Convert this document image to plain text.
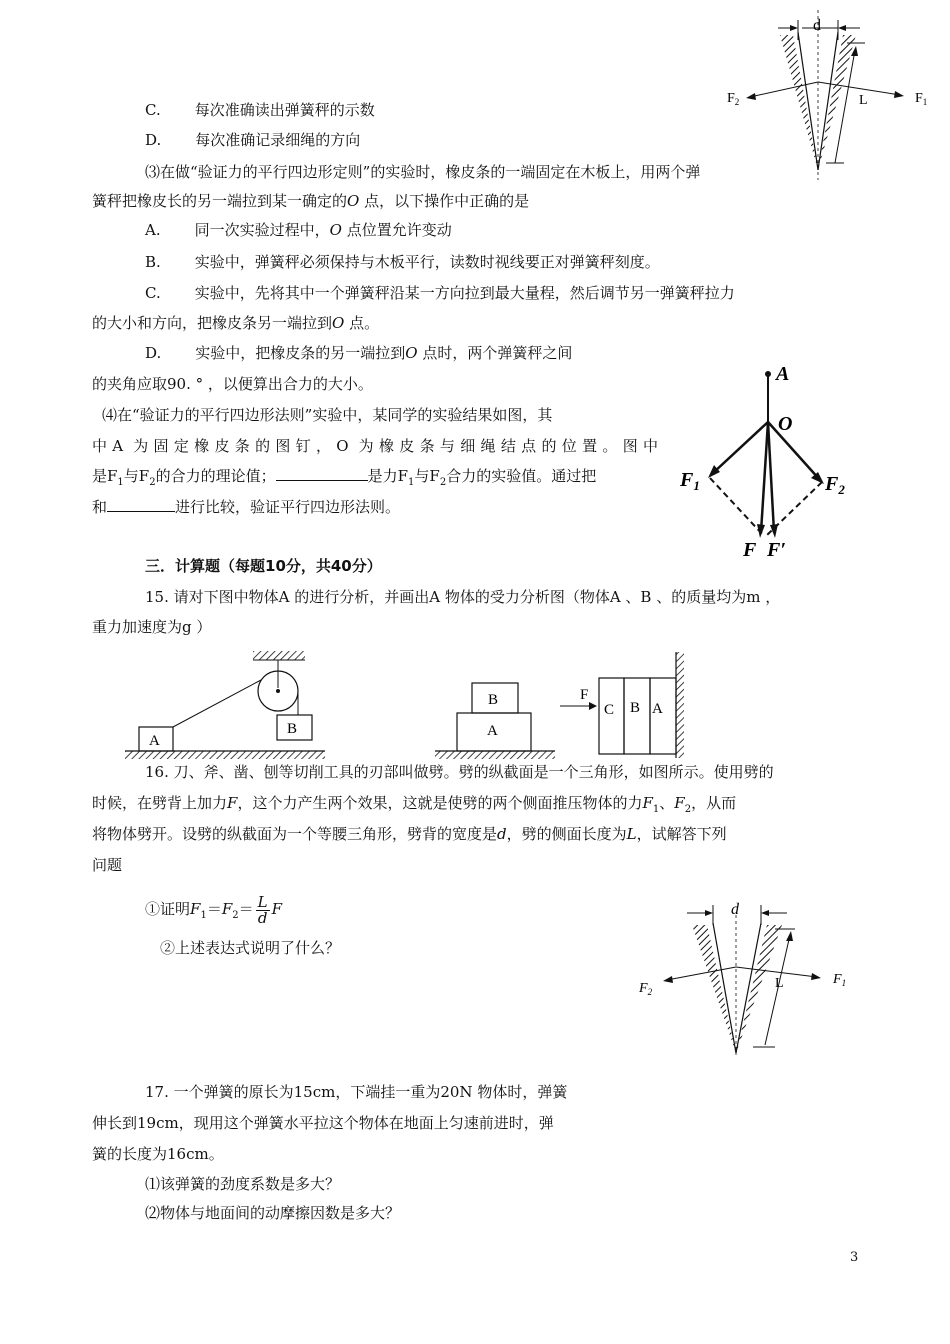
d
L	$F_1$
$F_2$
C. 每次准确读出弹簧秤的示数
D. 每次准确记录细绳的方向
⑶在做“验证力的平行四边形定则”的实验时，橡皮条的一端固定在木板上，用两个弹
簧秤把橡皮长的另一端拉到某一确定的O 点，以下操作中正确的是
A. 同一次实验过程中，O 点位置允许变动
B. 实验中，弹簧秤必须保持与木板平行，读数时视线要正对弹簧秤刻度。
C. 实验中，先将其中一个弹簧秤沿某一方向拉到最大量程，然后调节另一弹簧秤拉力
的大小和方向，把橡皮条另一端拉到O 点。
D. 实验中，把橡皮条的另一端拉到O 点时，两个弹簧秤之间
的夹角应取90. ° ，以便算出合力的大小。
⑷在“验证力的平行四边形法则”实验中，某同学的实验结果如图，其
中A 为固定橡皮条的图钉，O 为橡皮条与细绳结点的位置。图中
是$F_1$与$F_2$的合力的理论值；	是力$F_1$与$F_2$合力的实验值。通过把
和	进行比较，验证平行四边形法则。
A
O
$F_1$	$F_2$
F F′
三．计算题（每题10分，共40分）
15. 请对下图中物体A 的进行分析，并画出A 物体的受力分析图（物体A 、B 、的质量均为m ，
重力加速度为g ）
A
B
B
A
F
C B A
16. 刀、斧、凿、刨等切削工具的刃部叫做劈。劈的纵截面是一个三角形，如图所示。使用劈的
时候，在劈背上加力F，这个力产生两个效果，这就是使劈的两个侧面推压物体的力$F_1$、$F_2$，从而
将物体劈开。设劈的纵截面为一个等腰三角形，劈背的宽度是d，劈的侧面长度为L，试解答下列
问题
①证明$F_1=F_2= \frac{L}{d}$ F
②上述表达式说明了什么？
d
L	$F_1$
$F_2$
17. 一个弹簧的原长为15cm，下端挂一重为20N 物体时，弹簧
伸长到19cm，现用这个弹簧水平拉这个物体在地面上匀速前进时，弹
簧的长度为16cm。
⑴该弹簧的劲度系数是多大？
⑵物体与地面间的动摩擦因数是多大？
3
